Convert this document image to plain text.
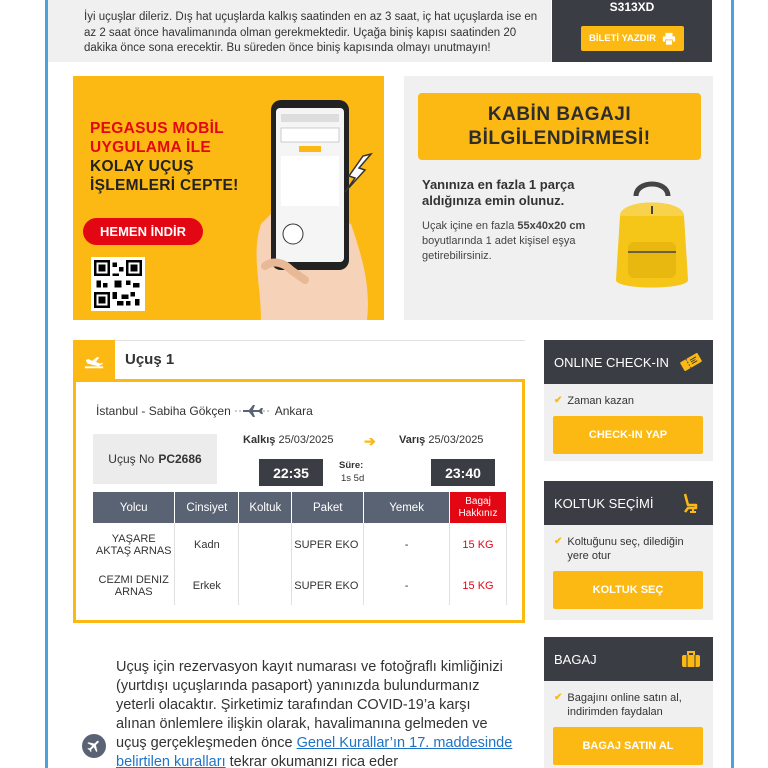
İyi uçuşlar dileriz. Dış hat uçuşlarda kalkış saatinden en az 3 saat, iç hat uçuşlarda ise en az 2 saat önce havalimanında olman gerekmektedir. Uçağa biniş kapısı saatinden 20 dakika önce sona erecektir. Bu süreden önce biniş kapısında olmayı unutmayın!
S313XD
BİLETİ YAZDIR
PEGASUS MOBİL
UYGULAMA İLE
KOLAY UÇUŞ
İŞLEMLERİ CEPTE!
HEMEN İNDİR
KABİN BAGAJI
BİLGİLENDİRMESİ!
Yanınıza en fazla 1 parça aldığınıza emin olunuz.
Uçak içine en fazla 55x40x20 cm boyutlarında 1 adet kişisel eşya getirebilirsiniz.
Uçuş 1
İstanbul - Sabiha Gökçen	Ankara
Uçuş No PC2686
Kalkış 25/03/2025 ➔ Varış 25/03/2025
22:35	Süre:
1s 5d	23:40
Yolcu	Cinsiyet	Koltuk	Paket	Yemek	Bagaj Hakkınız
YAŞARE AKTAŞ ARNAS	Kadn		SUPER EKO	-	15 KG
CEZMI DENIZ ARNAS	Erkek		SUPER EKO	-	15 KG
ONLINE CHECK-IN
✔ Zaman kazan
CHECK-IN YAP
KOLTUK SEÇİMİ
✔ Koltuğunu seç, dilediğin yere otur
KOLTUK SEÇ
BAGAJ
✔ Bagajını online satın al, indirimden faydalan
BAGAJ SATIN AL
Uçuş için rezervasyon kayıt numarası ve fotoğraflı kimliğinizi (yurtdışı uçuşlarında pasaport) yanınızda bulundurmanız yeterli olacaktır. Şirketimiz tarafından COVID-19’a karşı alınan önlemlere ilişkin olarak, havalimanına gelmeden ve uçuş gerçekleşmeden önce Genel Kurallar’ın 17. maddesinde belirtilen kuralları tekrar okumanızı rica eder
